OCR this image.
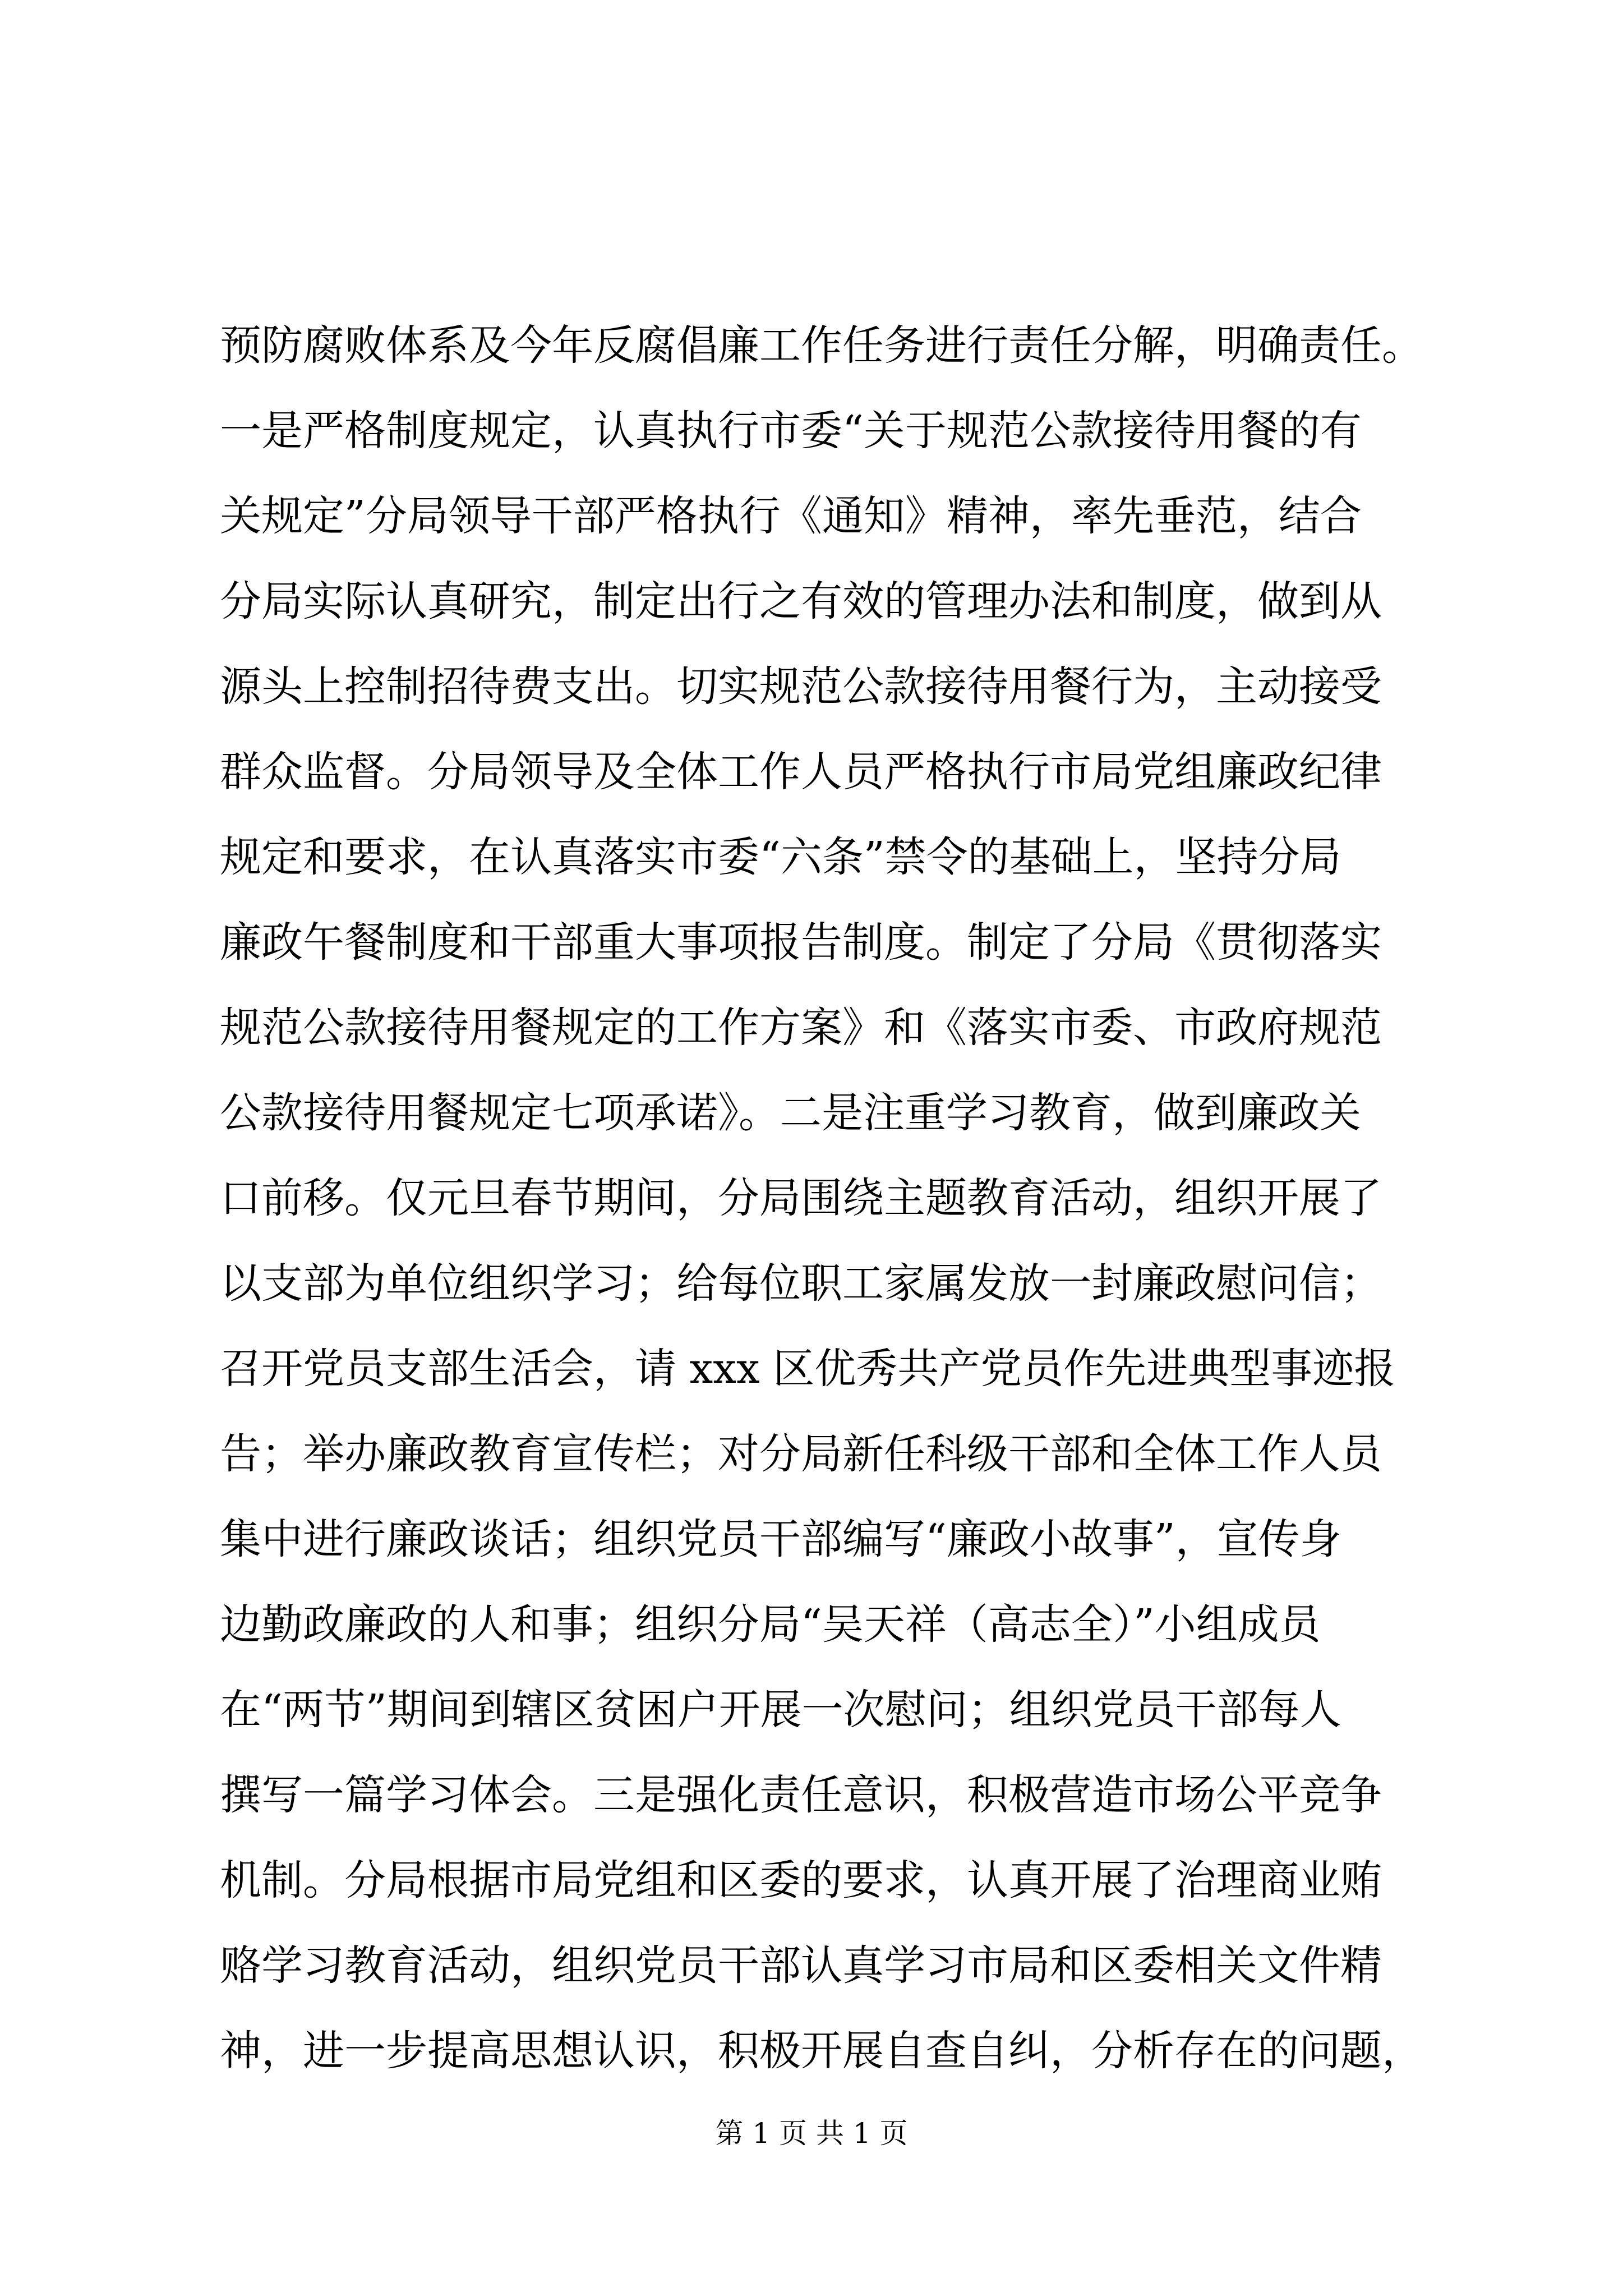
预防腐败体系及今年反腐倡廉工作任务进行责任分解，明确责任。
一是严格制度规定，认真执行市委“关于规范公款接待用餐的有
关规定”分局领导干部严格执行《通知》精神，率先垂范，结合
分局实际认真研究，制定出行之有效的管理办法和制度，做到从
源头上控制招待费支出。切实规范公款接待用餐行为，主动接受
群众监督。分局领导及全体工作人员严格执行市局党组廉政纪律
规定和要求，在认真落实市委“六条”禁令的基础上，坚持分局
廉政午餐制度和干部重大事项报告制度。制定了分局《贯彻落实
规范公款接待用餐规定的工作方案》和《落实市委、市政府规范
公款接待用餐规定七项承诺》。二是注重学习教育，做到廉政关
口前移。仅元旦春节期间，分局围绕主题教育活动，组织开展了
以支部为单位组织学习；给每位职工家属发放一封廉政慰问信；
召开党员支部生活会，请 xxx 区优秀共产党员作先进典型事迹报
告；举办廉政教育宣传栏；对分局新任科级干部和全体工作人员
集中进行廉政谈话；组织党员干部编写“廉政小故事”，宣传身
边勤政廉政的人和事；组织分局“吴天祥（高志全）”小组成员
在“两节”期间到辖区贫困户开展一次慰问；组织党员干部每人
撰写一篇学习体会。三是强化责任意识，积极营造市场公平竞争
机制。分局根据市局党组和区委的要求，认真开展了治理商业贿
赂学习教育活动，组织党员干部认真学习市局和区委相关文件精
神，进一步提高思想认识，积极开展自查自纠，分析存在的问题，
第 1 页 共 1 页
